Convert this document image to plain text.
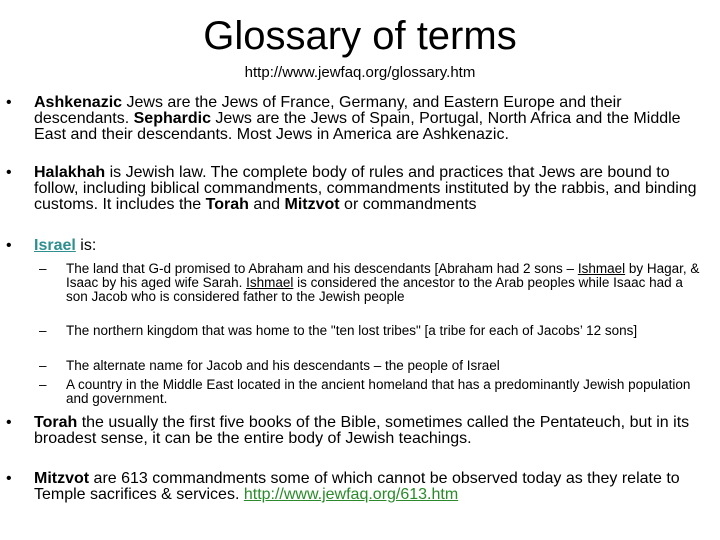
Glossary of terms
http://www.jewfaq.org/glossary.htm

•	Ashkenazic Jews are the Jews of France, Germany, and Eastern Europe and their descendants. Sephardic Jews are the Jews of Spain, Portugal, North Africa and the Middle East and their descendants. Most Jews in America are Ashkenazic.

•	Halakhah is Jewish law. The complete body of rules and practices that Jews are bound to follow, including biblical commandments, commandments instituted by the rabbis, and binding customs. It includes the Torah and Mitzvot or commandments

•	Israel is:

– The land that G-d promised to Abraham and his descendants [Abraham had 2 sons – Ishmael by Hagar, & Isaac by his aged wife Sarah. Ishmael is considered the ancestor to the Arab peoples while Isaac had a son Jacob who is considered father to the Jewish people

– The northern kingdom that was home to the "ten lost tribes" [a tribe for each of Jacobs’ 12 sons]

– The alternate name for Jacob and his descendants – the people of Israel

– A country in the Middle East located in the ancient homeland that has a predominantly Jewish population and government.

•	Torah the usually the first five books of the Bible, sometimes called the Pentateuch, but in its broadest sense, it can be the entire body of Jewish teachings.

•	Mitzvot are 613 commandments some of which cannot be observed today as they relate to Temple sacrifices & services. http://www.jewfaq.org/613.htm
